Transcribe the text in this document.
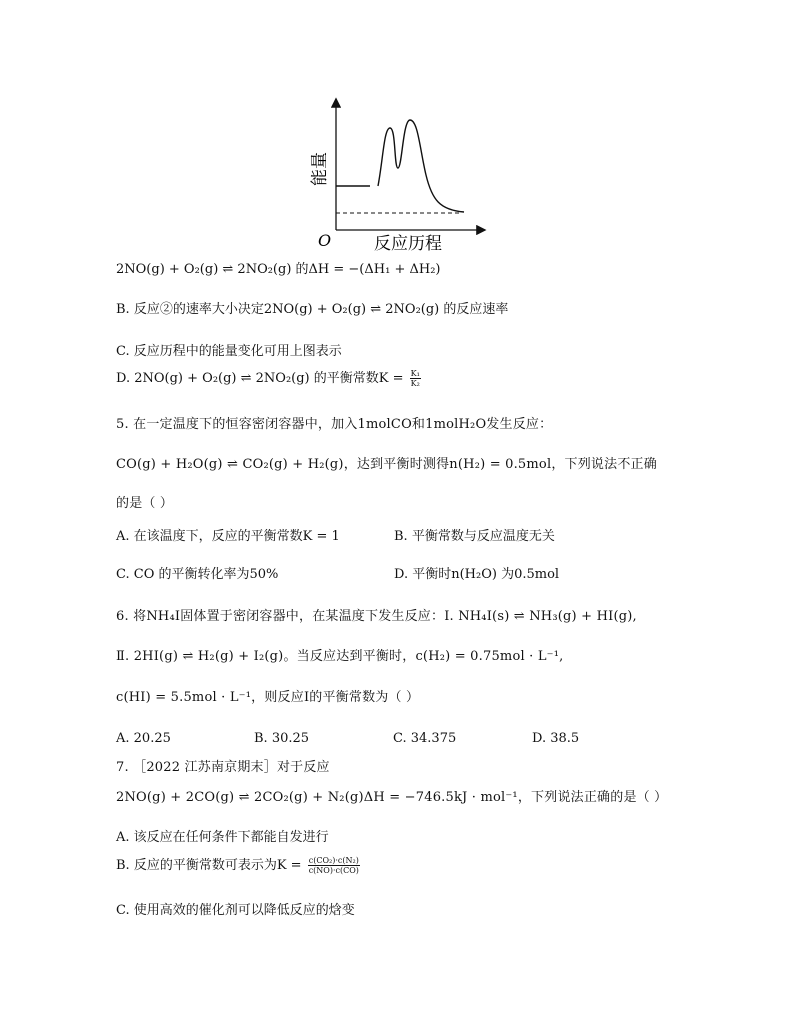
能量
反应历程
O
2NO(g) + O₂(g) ⇌ 2NO₂(g) 的ΔH = −(ΔH₁ + ΔH₂)
B. 反应②的速率大小决定2NO(g) + O₂(g) ⇌ 2NO₂(g) 的反应速率
C. 反应历程中的能量变化可用上图表示
D. 2NO(g) + O₂(g) ⇌ 2NO₂(g) 的平衡常数$K = \frac{\text{K₁}}{\text{K₂}}$
5. 在一定温度下的恒容密闭容器中，加入1molCO和1molH₂O发生反应：
CO(g) + H₂O(g) ⇌ CO₂(g) + H₂(g)，达到平衡时测得n(H₂) = 0.5mol，下列说法不正确
的是（ ）
A. 在该温度下，反应的平衡常数K = 1	B. 平衡常数与反应温度无关
C. CO 的平衡转化率为50%	D. 平衡时n(H₂O) 为0.5mol
6. 将NH₄I固体置于密闭容器中，在某温度下发生反应：Ⅰ. NH₄I(s) ⇌ NH₃(g) + HI(g),
Ⅱ. 2HI(g) ⇌ H₂(g) + I₂(g)。当反应达到平衡时，c(H₂) = 0.75mol · L⁻¹,
c(HI) = 5.5mol · L⁻¹，则反应Ⅰ的平衡常数为（ ）
A. 20.25	B. 30.25	C. 34.375	D. 38.5
7. ［2022 江苏南京期末］对于反应
2NO(g) + 2CO(g) ⇌ 2CO₂(g) + N₂(g)ΔH = −746.5kJ · mol⁻¹，下列说法正确的是（ ）
A. 该反应在任何条件下都能自发进行
B. 反应的平衡常数可表示为$K = \frac{\text{c(CO₂)·c(N₂)}}{c(NO)\cdot c(CO)}$
C. 使用高效的催化剂可以降低反应的焓变
